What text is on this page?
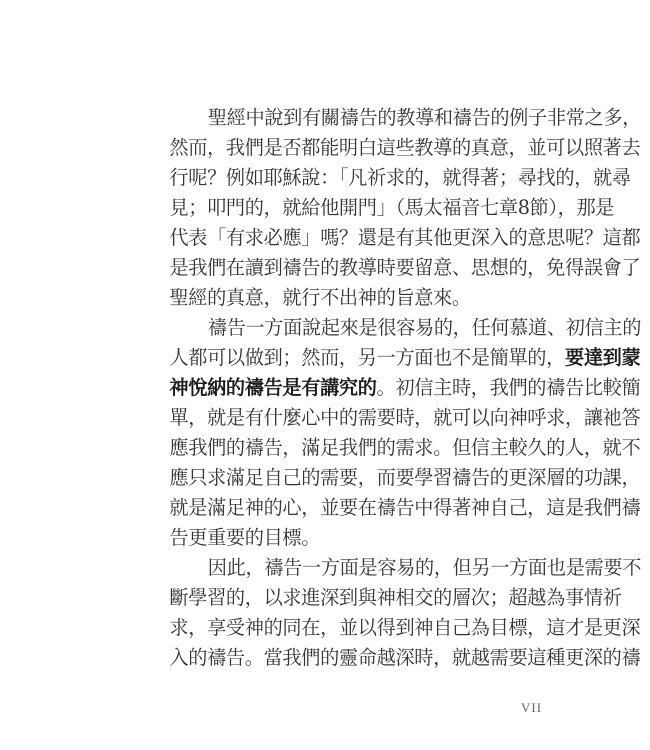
聖經中說到有關禱告的教導和禱告的例子非常之多，
然而，我們是否都能明白這些教導的真意，並可以照著去
行呢？例如耶穌說：「凡祈求的，就得著；尋找的，就尋
見；叩門的，就給他開門」（馬太福音七章8節），那是
代表「有求必應」嗎？還是有其他更深入的意思呢？這都
是我們在讀到禱告的教導時要留意、思想的，免得誤會了
聖經的真意，就行不出神的旨意來。
禱告一方面說起來是很容易的，任何慕道、初信主的
人都可以做到；然而，另一方面也不是簡單的，要達到蒙
神悅納的禱告是有講究的。初信主時，我們的禱告比較簡
單，就是有什麼心中的需要時，就可以向神呼求，讓祂答
應我們的禱告，滿足我們的需求。但信主較久的人，就不
應只求滿足自己的需要，而要學習禱告的更深層的功課，
就是滿足神的心，並要在禱告中得著神自己，這是我們禱
告更重要的目標。
因此，禱告一方面是容易的，但另一方面也是需要不
斷學習的，以求進深到與神相交的層次；超越為事情祈
求，享受神的同在，並以得到神自己為目標，這才是更深
入的禱告。當我們的靈命越深時，就越需要這種更深的禱
VII
